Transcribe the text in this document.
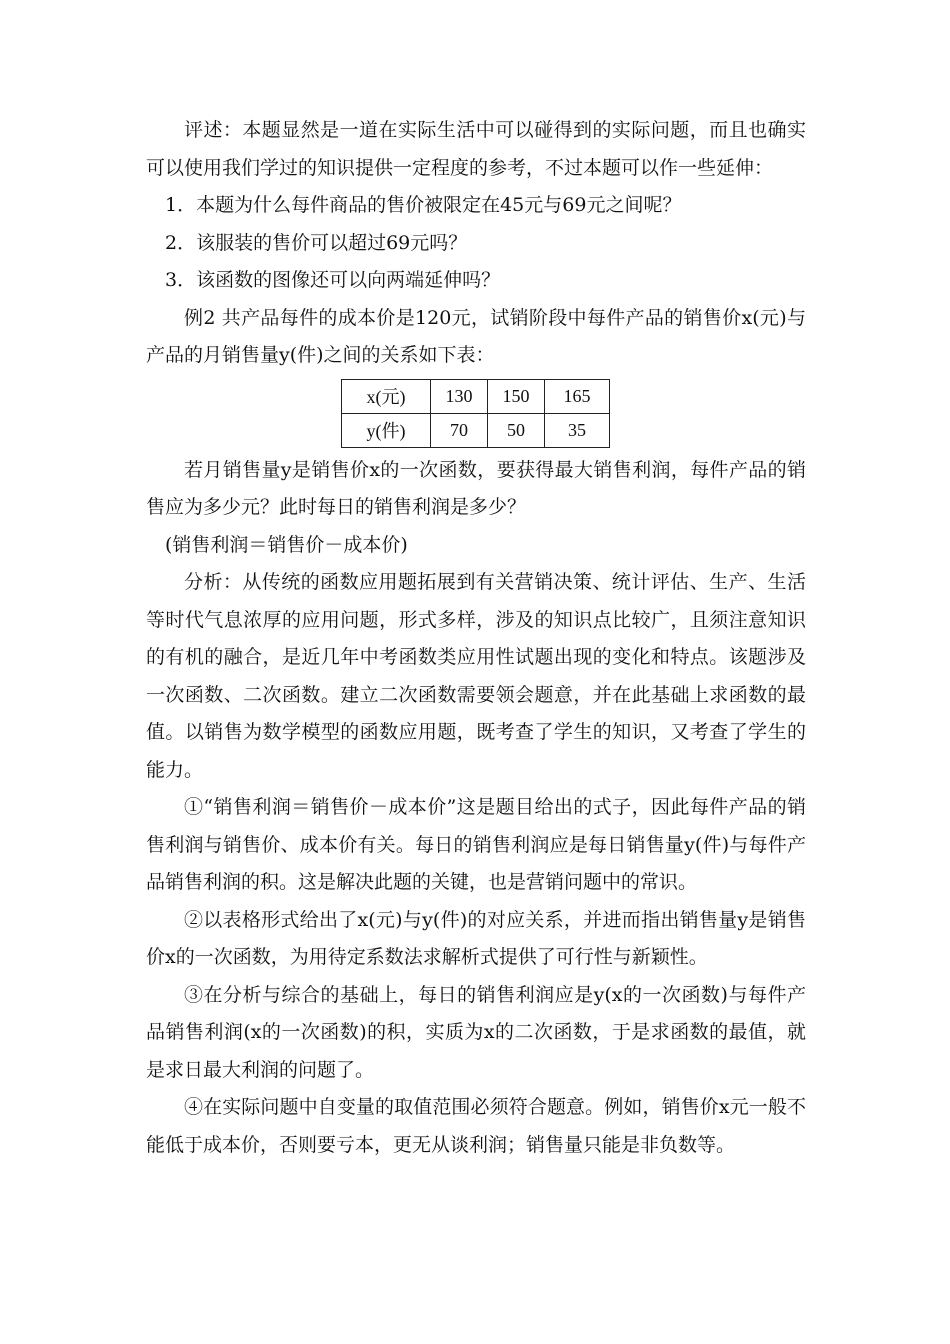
评述：本题显然是一道在实际生活中可以碰得到的实际问题，而且也确实可以使用我们学过的知识提供一定程度的参考，不过本题可以作一些延伸：

1．本题为什么每件商品的售价被限定在45元与69元之间呢？

2．该服装的售价可以超过69元吗？

3．该函数的图像还可以向两端延伸吗？

例2 共产品每件的成本价是120元，试销阶段中每件产品的销售价x(元)与产品的月销售量y(件)之间的关系如下表：

x(元)	130	150	165
y(件)	70	50	35

若月销售量y是销售价x的一次函数，要获得最大销售利润，每件产品的销售应为多少元？此时每日的销售利润是多少？

(销售利润＝销售价－成本价)

分析：从传统的函数应用题拓展到有关营销决策、统计评估、生产、生活等时代气息浓厚的应用问题，形式多样，涉及的知识点比较广，且须注意知识的有机的融合，是近几年中考函数类应用性试题出现的变化和特点。该题涉及一次函数、二次函数。建立二次函数需要领会题意，并在此基础上求函数的最值。以销售为数学模型的函数应用题，既考查了学生的知识，又考查了学生的能力。

①“销售利润＝销售价－成本价”这是题目给出的式子，因此每件产品的销售利润与销售价、成本价有关。每日的销售利润应是每日销售量y(件)与每件产品销售利润的积。这是解决此题的关键，也是营销问题中的常识。

②以表格形式给出了x(元)与y(件)的对应关系，并进而指出销售量y是销售价x的一次函数，为用待定系数法求解析式提供了可行性与新颖性。

③在分析与综合的基础上，每日的销售利润应是y(x的一次函数)与每件产品销售利润(x的一次函数)的积，实质为x的二次函数，于是求函数的最值，就是求日最大利润的问题了。

④在实际问题中自变量的取值范围必须符合题意。例如，销售价x元一般不能低于成本价，否则要亏本，更无从谈利润；销售量只能是非负数等。
